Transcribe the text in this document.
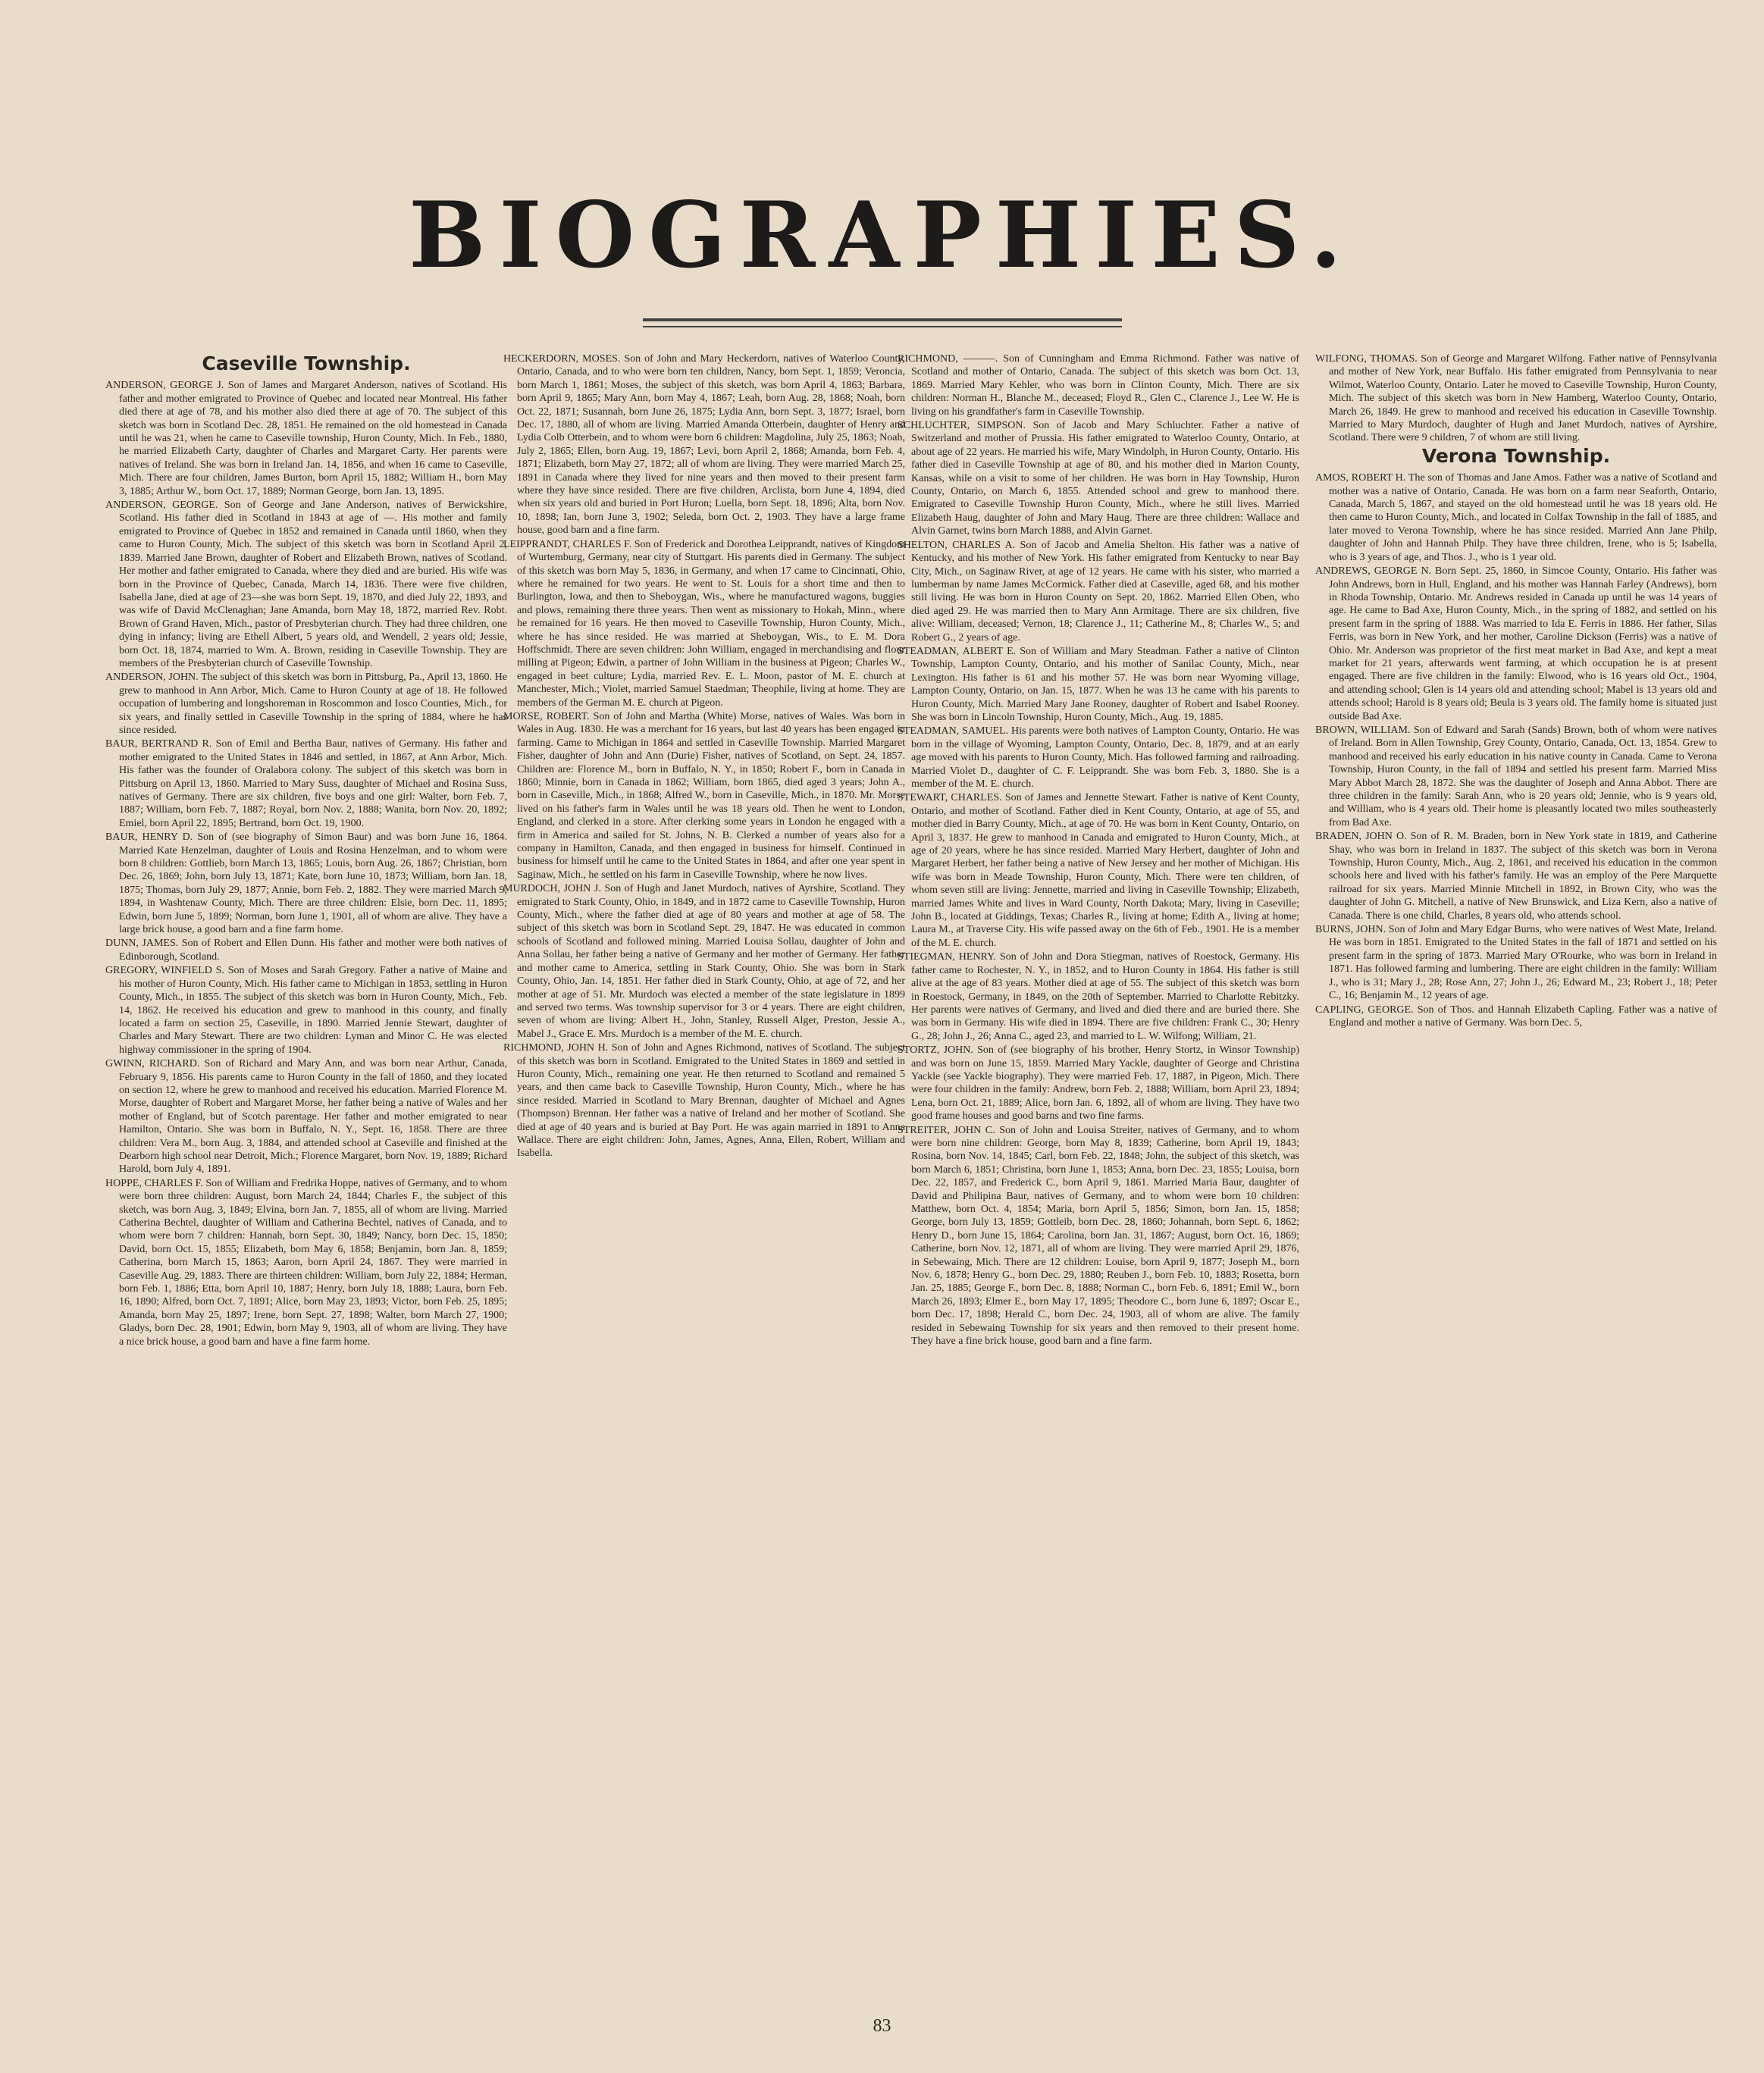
BIOGRAPHIES.
Caseville Township.

ANDERSON, GEORGE J. Son of James and Margaret Anderson, natives of Scotland. His father and mother emigrated to Province of Quebec and located near Montreal. His father died there at age of 78, and his mother also died there at age of 70. The subject of this sketch was born in Scotland Dec. 28, 1851. He remained on the old homestead in Canada until he was 21, when he came to Caseville township, Huron County, Mich. In Feb., 1880, he married Elizabeth Carty, daughter of Charles and Margaret Carty. Her parents were natives of Ireland. She was born in Ireland Jan. 14, 1856, and when 16 came to Caseville, Mich. There are four children, James Burton, born April 15, 1882; William H., born May 3, 1885; Arthur W., born Oct. 17, 1889; Norman George, born Jan. 13, 1895.

ANDERSON, GEORGE. Son of George and Jane Anderson, natives of Berwickshire, Scotland. His father died in Scotland in 1843 at age of —. His mother and family emigrated to Province of Quebec in 1852 and remained in Canada until 1860, when they came to Huron County, Mich. The subject of this sketch was born in Scotland April 2, 1839. Married Jane Brown, daughter of Robert and Elizabeth Brown, natives of Scotland. Her mother and father emigrated to Canada, where they died and are buried. His wife was born in the Province of Quebec, Canada, March 14, 1836. There were five children, Isabella Jane, died at age of 23—she was born Sept. 19, 1870, and died July 22, 1893, and was wife of David McClenaghan; Jane Amanda, born May 18, 1872, married Rev. Robt. Brown of Grand Haven, Mich., pastor of Presbyterian church. They had three children, one dying in infancy; living are Ethell Albert, 5 years old, and Wendell, 2 years old; Jessie, born Oct. 18, 1874, married to Wm. A. Brown, residing in Caseville Township. They are members of the Presbyterian church of Caseville Township.

ANDERSON, JOHN. The subject of this sketch was born in Pittsburg, Pa., April 13, 1860. He grew to manhood in Ann Arbor, Mich. Came to Huron County at age of 18. He followed occupation of lumbering and longshoreman in Roscommon and Iosco Counties, Mich., for six years, and finally settled in Caseville Township in the spring of 1884, where he has since resided.

BAUR, BERTRAND R. Son of Emil and Bertha Baur, natives of Germany. His father and mother emigrated to the United States in 1846 and settled, in 1867, at Ann Arbor, Mich. His father was the founder of Oralabora colony. The subject of this sketch was born in Pittsburg on April 13, 1860. Married to Mary Suss, daughter of Michael and Rosina Suss, natives of Germany. There are six children, five boys and one girl: Walter, born Feb. 7, 1887; William, born Feb. 7, 1887; Royal, born Nov. 2, 1888; Wanita, born Nov. 20, 1892; Emiel, born April 22, 1895; Bertrand, born Oct. 19, 1900.

BAUR, HENRY D. Son of (see biography of Simon Baur) and was born June 16, 1864. Married Kate Henzelman, daughter of Louis and Rosina Henzelman, and to whom were born 8 children: Gottlieb, born March 13, 1865; Louis, born Aug. 26, 1867; Christian, born Dec. 26, 1869; John, born July 13, 1871; Kate, born June 10, 1873; William, born Jan. 18, 1875; Thomas, born July 29, 1877; Annie, born Feb. 2, 1882. They were married March 9, 1894, in Washtenaw County, Mich. There are three children: Elsie, born Dec. 11, 1895; Edwin, born June 5, 1899; Norman, born June 1, 1901, all of whom are alive. They have a large brick house, a good barn and a fine farm home.

DUNN, JAMES. Son of Robert and Ellen Dunn. His father and mother were both natives of Edinborough, Scotland.

GREGORY, WINFIELD S. Son of Moses and Sarah Gregory. Father a native of Maine and his mother of Huron County, Mich. His father came to Michigan in 1853, settling in Huron County, Mich., in 1855. The subject of this sketch was born in Huron County, Mich., Feb. 14, 1862. He received his education and grew to manhood in this county, and finally located a farm on section 25, Caseville, in 1890. Married Jennie Stewart, daughter of Charles and Mary Stewart. There are two children: Lyman and Minor C. He was elected highway commissioner in the spring of 1904.

GWINN, RICHARD. Son of Richard and Mary Ann, and was born near Arthur, Canada, February 9, 1856. His parents came to Huron County in the fall of 1860, and they located on section 12, where he grew to manhood and received his education. Married Florence M. Morse, daughter of Robert and Margaret Morse, her father being a native of Wales and her mother of England, but of Scotch parentage. Her father and mother emigrated to near Hamilton, Ontario. She was born in Buffalo, N. Y., Sept. 16, 1858. There are three children: Vera M., born Aug. 3, 1884, and attended school at Caseville and finished at the Dearborn high school near Detroit, Mich.; Florence Margaret, born Nov. 19, 1889; Richard Harold, born July 4, 1891.

HOPPE, CHARLES F. Son of William and Fredrika Hoppe, natives of Germany, and to whom were born three children: August, born March 24, 1844; Charles F., the subject of this sketch, was born Aug. 3, 1849; Elvina, born Jan. 7, 1855, all of whom are living. Married Catherina Bechtel, daughter of William and Catherina Bechtel, natives of Canada, and to whom were born 7 children: Hannah, born Sept. 30, 1849; Nancy, born Dec. 15, 1850; David, born Oct. 15, 1855; Elizabeth, born May 6, 1858; Benjamin, born Jan. 8, 1859; Catherina, born March 15, 1863; Aaron, born April 24, 1867. They were married in Caseville Aug. 29, 1883. There are thirteen children: William, born July 22, 1884; Herman, born Feb. 1, 1886; Etta, born April 10, 1887; Henry, born July 18, 1888; Laura, born Feb. 16, 1890; Alfred, born Oct. 7, 1891; Alice, born May 23, 1893; Victor, born Feb. 25, 1895; Amanda, born May 25, 1897; Irene, born Sept. 27, 1898; Walter, born March 27, 1900; Gladys, born Dec. 28, 1901; Edwin, born May 9, 1903, all of whom are living. They have a nice brick house, a good barn and have a fine farm home.

HECKERDORN, MOSES. Son of John and Mary Heckerdorn, natives of Waterloo County, Ontario, Canada, and to who were born ten children, Nancy, born Sept. 1, 1859; Veroncia, born March 1, 1861; Moses, the subject of this sketch, was born April 4, 1863; Barbara, born April 9, 1865; Mary Ann, born May 4, 1867; Leah, born Aug. 28, 1868; Noah, born Oct. 22, 1871; Susannah, born June 26, 1875; Lydia Ann, born Sept. 3, 1877; Israel, born Dec. 17, 1880, all of whom are living. Married Amanda Otterbein, daughter of Henry and Lydia Colb Otterbein, and to whom were born 6 children: Magdolina, July 25, 1863; Noah, July 2, 1865; Ellen, born Aug. 19, 1867; Levi, born April 2, 1868; Amanda, born Feb. 4, 1871; Elizabeth, born May 27, 1872; all of whom are living. They were married March 25, 1891 in Canada where they lived for nine years and then moved to their present farm where they have since resided. There are five children, Arclista, born June 4, 1894, died when six years old and buried in Port Huron; Luella, born Sept. 18, 1896; Alta, born Nov. 10, 1898; Ian, born June 3, 1902; Seleda, born Oct. 2, 1903. They have a large frame house, good barn and a fine farm.

LEIPPRANDT, CHARLES F. Son of Frederick and Dorothea Leipprandt, natives of Kingdom of Wurtemburg, Germany, near city of Stuttgart. His parents died in Germany. The subject of this sketch was born May 5, 1836, in Germany, and when 17 came to Cincinnati, Ohio, where he remained for two years. He went to St. Louis for a short time and then to Burlington, Iowa, and then to Sheboygan, Wis., where he manufactured wagons, buggies and plows, remaining there three years. Then went as missionary to Hokah, Minn., where he remained for 16 years. He then moved to Caseville Township, Huron County, Mich., where he has since resided. He was married at Sheboygan, Wis., to E. M. Dora Hoffschmidt. There are seven children: John William, engaged in merchandising and flour milling at Pigeon; Edwin, a partner of John William in the business at Pigeon; Charles W., engaged in beet culture; Lydia, married Rev. E. L. Moon, pastor of M. E. church at Manchester, Mich.; Violet, married Samuel Staedman; Theophile, living at home. They are members of the German M. E. church at Pigeon.

MORSE, ROBERT. Son of John and Martha (White) Morse, natives of Wales. Was born in Wales in Aug. 1830. He was a merchant for 16 years, but last 40 years has been engaged in farming. Came to Michigan in 1864 and settled in Caseville Township. Married Margaret Fisher, daughter of John and Ann (Durie) Fisher, natives of Scotland, on Sept. 24, 1857. Children are: Florence M., born in Buffalo, N. Y., in 1850; Robert F., born in Canada in 1860; Minnie, born in Canada in 1862; William, born 1865, died aged 3 years; John A., born in Caseville, Mich., in 1868; Alfred W., born in Caseville, Mich., in 1870. Mr. Morse lived on his father's farm in Wales until he was 18 years old. Then he went to London, England, and clerked in a store. After clerking some years in London he engaged with a firm in America and sailed for St. Johns, N. B. Clerked a number of years also for a company in Hamilton, Canada, and then engaged in business for himself. Continued in business for himself until he came to the United States in 1864, and after one year spent in Saginaw, Mich., he settled on his farm in Caseville Township, where he now lives.

MURDOCH, JOHN J. Son of Hugh and Janet Murdoch, natives of Ayrshire, Scotland. They emigrated to Stark County, Ohio, in 1849, and in 1872 came to Caseville Township, Huron County, Mich., where the father died at age of 80 years and mother at age of 58. The subject of this sketch was born in Scotland Sept. 29, 1847. He was educated in common schools of Scotland and followed mining. Married Louisa Sollau, daughter of John and Anna Sollau, her father being a native of Germany and her mother of Germany. Her father and mother came to America, settling in Stark County, Ohio. She was born in Stark County, Ohio, Jan. 14, 1851. Her father died in Stark County, Ohio, at age of 72, and her mother at age of 51. Mr. Murdoch was elected a member of the state legislature in 1899 and served two terms. Was township supervisor for 3 or 4 years. There are eight children, seven of whom are living: Albert H., John, Stanley, Russell Alger, Preston, Jessie A., Mabel J., Grace E. Mrs. Murdoch is a member of the M. E. church.

RICHMOND, JOHN H. Son of John and Agnes Richmond, natives of Scotland. The subject of this sketch was born in Scotland. Emigrated to the United States in 1869 and settled in Huron County, Mich., remaining one year. He then returned to Scotland and remained 5 years, and then came back to Caseville Township, Huron County, Mich., where he has since resided. Married in Scotland to Mary Brennan, daughter of Michael and Agnes (Thompson) Brennan. Her father was a native of Ireland and her mother of Scotland. She died at age of 40 years and is buried at Bay Port. He was again married in 1891 to Anna Wallace. There are eight children: John, James, Agnes, Anna, Ellen, Robert, William and Isabella.

RICHMOND, ———. Son of Cunningham and Emma Richmond. Father was native of Scotland and mother of Ontario, Canada. The subject of this sketch was born Oct. 13, 1869. Married Mary Kehler, who was born in Clinton County, Mich. There are six children: Norman H., Blanche M., deceased; Floyd R., Glen C., Clarence J., Lee W. He is living on his grandfather's farm in Caseville Township.

SCHLUCHTER, SIMPSON. Son of Jacob and Mary Schluchter. Father a native of Switzerland and mother of Prussia. His father emigrated to Waterloo County, Ontario, at about age of 22 years. He married his wife, Mary Windolph, in Huron County, Ontario. His father died in Caseville Township at age of 80, and his mother died in Marion County, Kansas, while on a visit to some of her children. He was born in Hay Township, Huron County, Ontario, on March 6, 1855. Attended school and grew to manhood there. Emigrated to Caseville Township Huron County, Mich., where he still lives. Married Elizabeth Haug, daughter of John and Mary Haug. There are three children: Wallace and Alvin Garnet, twins born March 1888, and Alvin Garnet.

SHELTON, CHARLES A. Son of Jacob and Amelia Shelton. His father was a native of Kentucky, and his mother of New York. His father emigrated from Kentucky to near Bay City, Mich., on Saginaw River, at age of 12 years. He came with his sister, who married a lumberman by name James McCormick. Father died at Caseville, aged 68, and his mother still living. He was born in Huron County on Sept. 20, 1862. Married Ellen Oben, who died aged 29. He was married then to Mary Ann Armitage. There are six children, five alive: William, deceased; Vernon, 18; Clarence J., 11; Catherine M., 8; Charles W., 5; and Robert G., 2 years of age.

STEADMAN, ALBERT E. Son of William and Mary Steadman. Father a native of Clinton Township, Lampton County, Ontario, and his mother of Sanilac County, Mich., near Lexington. His father is 61 and his mother 57. He was born near Wyoming village, Lampton County, Ontario, on Jan. 15, 1877. When he was 13 he came with his parents to Huron County, Mich. Married Mary Jane Rooney, daughter of Robert and Isabel Rooney. She was born in Lincoln Township, Huron County, Mich., Aug. 19, 1885.

STEADMAN, SAMUEL. His parents were both natives of Lampton County, Ontario. He was born in the village of Wyoming, Lampton County, Ontario, Dec. 8, 1879, and at an early age moved with his parents to Huron County, Mich. Has followed farming and railroading. Married Violet D., daughter of C. F. Leipprandt. She was born Feb. 3, 1880. She is a member of the M. E. church.

STEWART, CHARLES. Son of James and Jennette Stewart. Father is native of Kent County, Ontario, and mother of Scotland. Father died in Kent County, Ontario, at age of 55, and mother died in Barry County, Mich., at age of 70. He was born in Kent County, Ontario, on April 3, 1837. He grew to manhood in Canada and emigrated to Huron County, Mich., at age of 20 years, where he has since resided. Married Mary Herbert, daughter of John and Margaret Herbert, her father being a native of New Jersey and her mother of Michigan. His wife was born in Meade Township, Huron County, Mich. There were ten children, of whom seven still are living: Jennette, married and living in Caseville Township; Elizabeth, married James White and lives in Ward County, North Dakota; Mary, living in Caseville; John B., located at Giddings, Texas; Charles R., living at home; Edith A., living at home; Laura M., at Traverse City. His wife passed away on the 6th of Feb., 1901. He is a member of the M. E. church.

STIEGMAN, HENRY. Son of John and Dora Stiegman, natives of Roestock, Germany. His father came to Rochester, N. Y., in 1852, and to Huron County in 1864. His father is still alive at the age of 83 years. Mother died at age of 55. The subject of this sketch was born in Roestock, Germany, in 1849, on the 20th of September. Married to Charlotte Rebitzky. Her parents were natives of Germany, and lived and died there and are buried there. She was born in Germany. His wife died in 1894. There are five children: Frank C., 30; Henry G., 28; John J., 26; Anna C., aged 23, and married to L. W. Wilfong; William, 21.

STORTZ, JOHN. Son of (see biography of his brother, Henry Stortz, in Winsor Township) and was born on June 15, 1859. Married Mary Yackle, daughter of George and Christina Yackle (see Yackle biography). They were married Feb. 17, 1887, in Pigeon, Mich. There were four children in the family: Andrew, born Feb. 2, 1888; William, born April 23, 1894; Lena, born Oct. 21, 1889; Alice, born Jan. 6, 1892, all of whom are living. They have two good frame houses and good barns and two fine farms.

STREITER, JOHN C. Son of John and Louisa Streiter, natives of Germany, and to whom were born nine children: George, born May 8, 1839; Catherine, born April 19, 1843; Rosina, born Nov. 14, 1845; Carl, born Feb. 22, 1848; John, the subject of this sketch, was born March 6, 1851; Christina, born June 1, 1853; Anna, born Dec. 23, 1855; Louisa, born Dec. 22, 1857, and Frederick C., born April 9, 1861. Married Maria Baur, daughter of David and Philipina Baur, natives of Germany, and to whom were born 10 children: Matthew, born Oct. 4, 1854; Maria, born April 5, 1856; Simon, born Jan. 15, 1858; George, born July 13, 1859; Gottleib, born Dec. 28, 1860; Johannah, born Sept. 6, 1862; Henry D., born June 15, 1864; Carolina, born Jan. 31, 1867; August, born Oct. 16, 1869; Catherine, born Nov. 12, 1871, all of whom are living. They were married April 29, 1876, in Sebewaing, Mich. There are 12 children: Louise, born April 9, 1877; Joseph M., born Nov. 6, 1878; Henry G., born Dec. 29, 1880; Reuben J., born Feb. 10, 1883; Rosetta, born Jan. 25, 1885; George F., born Dec. 8, 1888; Norman C., born Feb. 6, 1891; Emil W., born March 26, 1893; Elmer E., born May 17, 1895; Theodore C., born June 6, 1897; Oscar E., born Dec. 17, 1898; Herald C., born Dec. 24, 1903, all of whom are alive. The family resided in Sebewaing Township for six years and then removed to their present home. They have a fine brick house, good barn and a fine farm.

WILFONG, THOMAS. Son of George and Margaret Wilfong. Father native of Pennsylvania and mother of New York, near Buffalo. His father emigrated from Pennsylvania to near Wilmot, Waterloo County, Ontario. Later he moved to Caseville Township, Huron County, Mich. The subject of this sketch was born in New Hamberg, Waterloo County, Ontario, March 26, 1849. He grew to manhood and received his education in Caseville Township. Married to Mary Murdoch, daughter of Hugh and Janet Murdoch, natives of Ayrshire, Scotland. There were 9 children, 7 of whom are still living.

Verona Township.

AMOS, ROBERT H. The son of Thomas and Jane Amos. Father was a native of Scotland and mother was a native of Ontario, Canada. He was born on a farm near Seaforth, Ontario, Canada, March 5, 1867, and stayed on the old homestead until he was 18 years old. He then came to Huron County, Mich., and located in Colfax Township in the fall of 1885, and later moved to Verona Township, where he has since resided. Married Ann Jane Philp, daughter of John and Hannah Philp. They have three children, Irene, who is 5; Isabella, who is 3 years of age, and Thos. J., who is 1 year old.

ANDREWS, GEORGE N. Born Sept. 25, 1860, in Simcoe County, Ontario. His father was John Andrews, born in Hull, England, and his mother was Hannah Farley (Andrews), born in Rhoda Township, Ontario. Mr. Andrews resided in Canada up until he was 14 years of age. He came to Bad Axe, Huron County, Mich., in the spring of 1882, and settled on his present farm in the spring of 1888. Was married to Ida E. Ferris in 1886. Her father, Silas Ferris, was born in New York, and her mother, Caroline Dickson (Ferris) was a native of Ohio. Mr. Anderson was proprietor of the first meat market in Bad Axe, and kept a meat market for 21 years, afterwards went farming, at which occupation he is at present engaged. There are five children in the family: Elwood, who is 16 years old Oct., 1904, and attending school; Glen is 14 years old and attending school; Mabel is 13 years old and attends school; Harold is 8 years old; Beula is 3 years old. The family home is situated just outside Bad Axe.

BROWN, WILLIAM. Son of Edward and Sarah (Sands) Brown, both of whom were natives of Ireland. Born in Allen Township, Grey County, Ontario, Canada, Oct. 13, 1854. Grew to manhood and received his early education in his native county in Canada. Came to Verona Township, Huron County, in the fall of 1894 and settled his present farm. Married Miss Mary Abbot March 28, 1872. She was the daughter of Joseph and Anna Abbot. There are three children in the family: Sarah Ann, who is 20 years old; Jennie, who is 9 years old, and William, who is 4 years old. Their home is pleasantly located two miles southeasterly from Bad Axe.

BRADEN, JOHN O. Son of R. M. Braden, born in New York state in 1819, and Catherine Shay, who was born in Ireland in 1837. The subject of this sketch was born in Verona Township, Huron County, Mich., Aug. 2, 1861, and received his education in the common schools here and lived with his father's family. He was an employ of the Pere Marquette railroad for six years. Married Minnie Mitchell in 1892, in Brown City, who was the daughter of John G. Mitchell, a native of New Brunswick, and Liza Kern, also a native of Canada. There is one child, Charles, 8 years old, who attends school.

BURNS, JOHN. Son of John and Mary Edgar Burns, who were natives of West Mate, Ireland. He was born in 1851. Emigrated to the United States in the fall of 1871 and settled on his present farm in the spring of 1873. Married Mary O'Rourke, who was born in Ireland in 1871. Has followed farming and lumbering. There are eight children in the family: William J., who is 31; Mary J., 28; Rose Ann, 27; John J., 26; Edward M., 23; Robert J., 18; Peter C., 16; Benjamin M., 12 years of age.

CAPLING, GEORGE. Son of Thos. and Hannah Elizabeth Capling. Father was a native of England and mother a native of Germany. Was born Dec. 5,

83
